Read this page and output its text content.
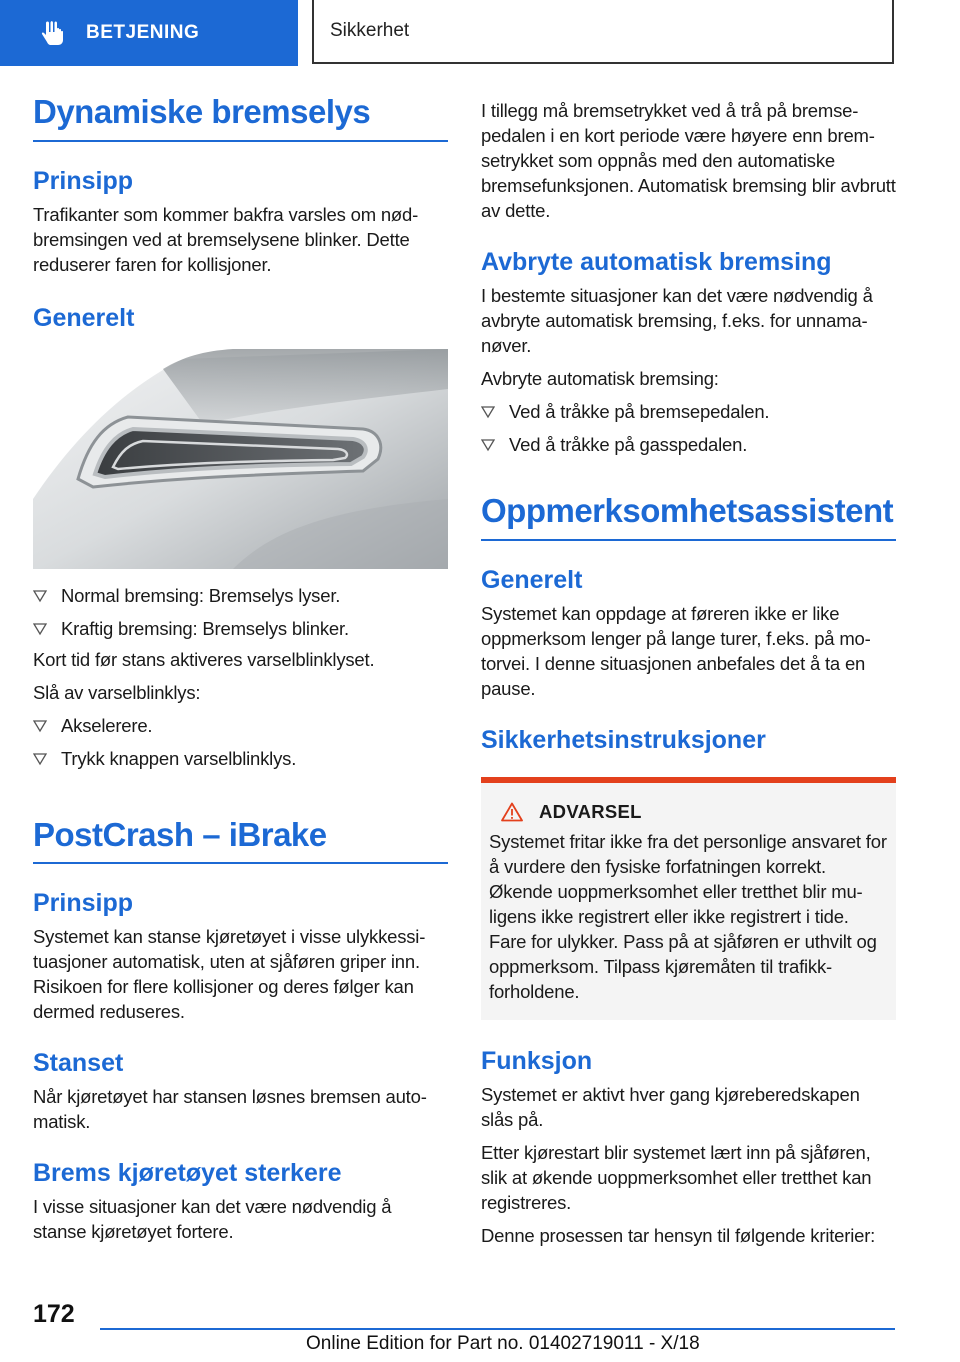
BETJENING	Sikkerhet
Dynamiske bremselys
Prinsipp

Trafikanter som kommer bakfra varsles om nødbremsingen ved at bremselysene blinker. Dette reduserer faren for kollisjoner.

Generelt
Normal bremsing: Bremselys lyser.
Kraftig bremsing: Bremselys blinker.

Kort tid før stans aktiveres varselblinklyset.

Slå av varselblinklys:

Akselerere.
Trykk knappen varselblinklys.
PostCrash – iBrake
Prinsipp

Systemet kan stanse kjøretøyet i visse ulykkessituasjoner automatisk, uten at sjåføren griper inn. Risikoen for flere kollisjoner og deres følger kan dermed reduseres.

Stanset

Når kjøretøyet har stansen løsnes bremsen automatisk.

Brems kjøretøyet sterkere

I visse situasjoner kan det være nødvendig å stanse kjøretøyet fortere.

I tillegg må bremsetrykket ved å trå på bremsepedalen i en kort periode være høyere enn bremsetrykket som oppnås med den automatiske bremsefunksjonen. Automatisk bremsing blir avbrutt av dette.

Avbryte automatisk bremsing

I bestemte situasjoner kan det være nødvendig å avbryte automatisk bremsing, f.eks. for unnamanøver.

Avbryte automatisk bremsing:

Ved å tråkke på bremsepedalen.
Ved å tråkke på gasspedalen.
Oppmerksomhetsassistent
Generelt

Systemet kan oppdage at føreren ikke er like oppmerksom lenger på lange turer, f.eks. på motorvei. I denne situasjonen anbefales det å ta en pause.

Sikkerhetsinstruksjoner
ADVARSEL

Systemet fritar ikke fra det personlige ansvaret for å vurdere den fysiske forfatningen korrekt. Økende uoppmerksomhet eller tretthet blir muligens ikke registrert eller ikke registrert i tide. Fare for ulykker. Pass på at sjåføren er uthvilt og oppmerksom. Tilpass kjøremåten til trafikkforholdene.

Funksjon

Systemet er aktivt hver gang kjøreberedskapen slås på.

Etter kjørestart blir systemet lært inn på sjåføren, slik at økende uoppmerksomhet eller tretthet kan registreres.

Denne prosessen tar hensyn til følgende kriterier:

172
Online Edition for Part no. 01402719011 - X/18
